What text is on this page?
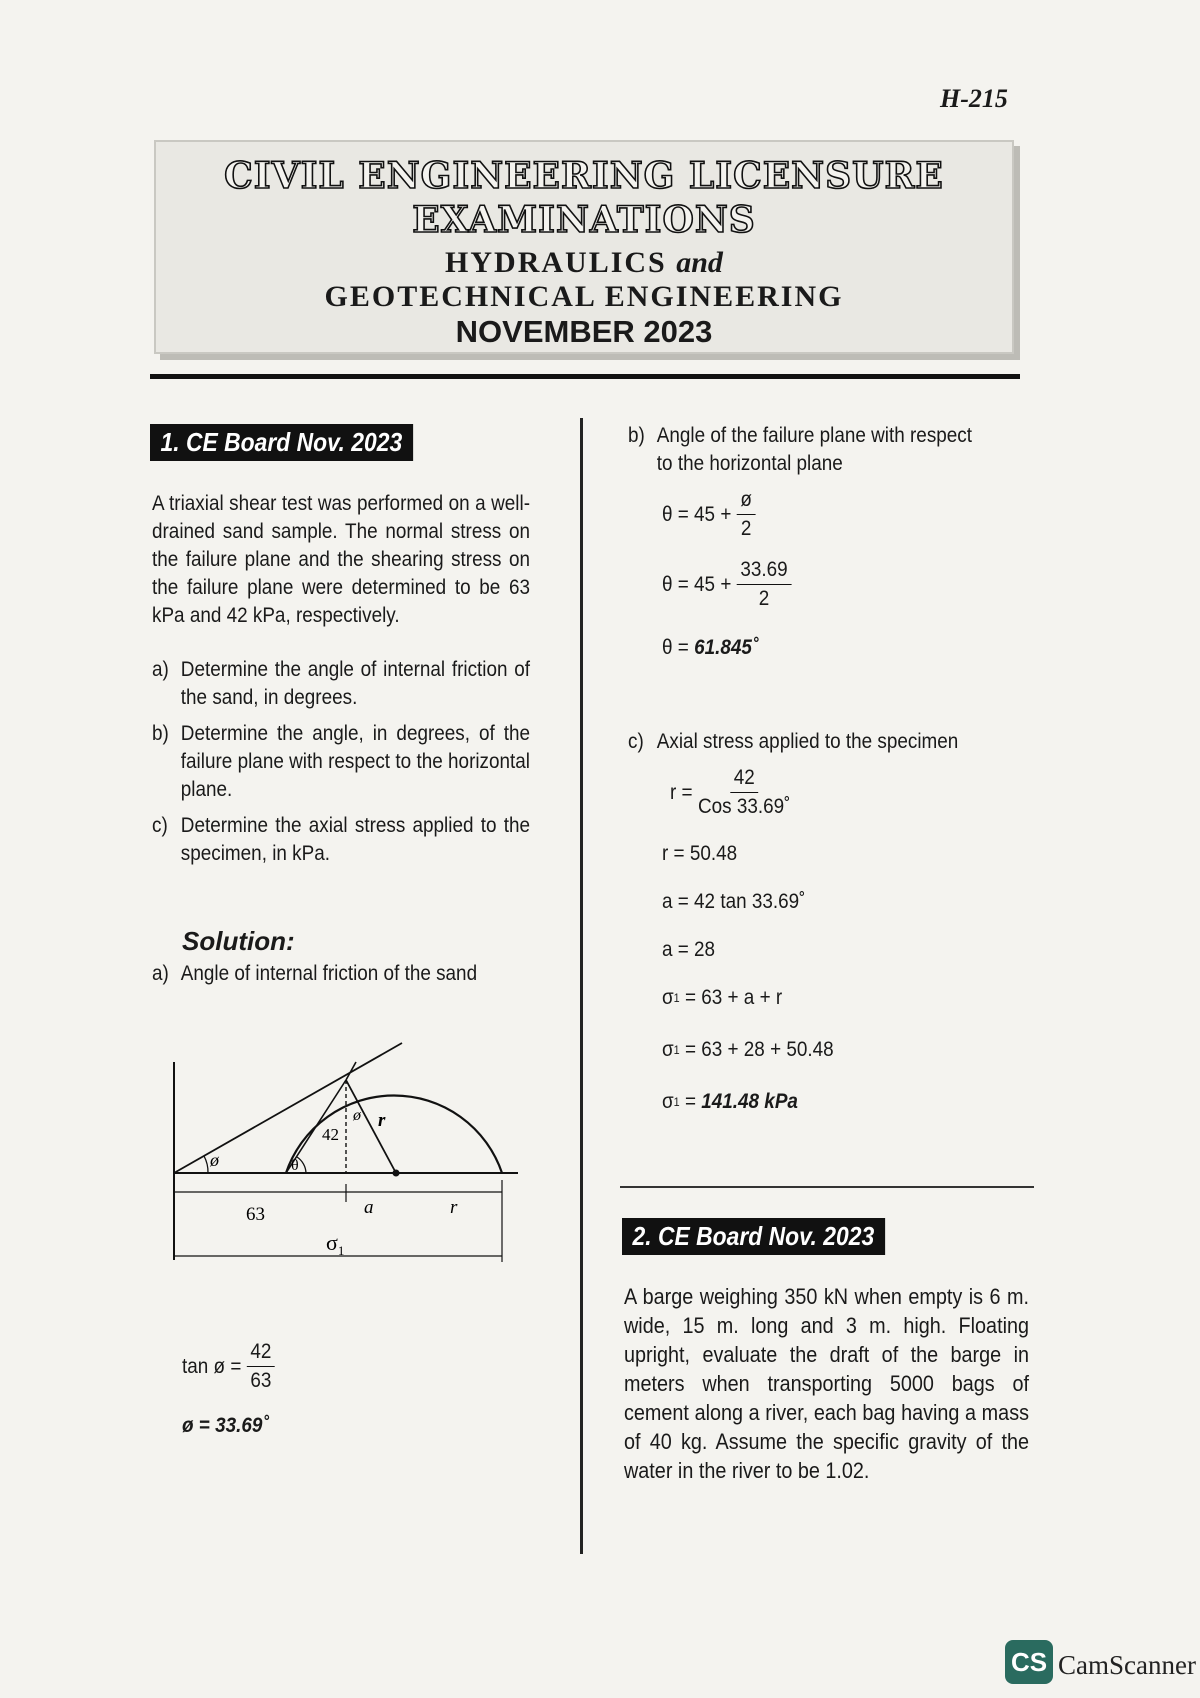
H-215
CIVIL ENGINEERING LICENSURE
EXAMINATIONS
HYDRAULICS and
GEOTECHNICAL ENGINEERING
NOVEMBER 2023
1. CE Board Nov. 2023
A triaxial shear test was performed on a well-drained sand sample. The normal stress on the failure plane and the shearing stress on the failure plane were determined to be 63 kPa and 42 kPa, respectively.
a) Determine the angle of internal friction of the sand, in degrees.
b) Determine the angle, in degrees, of the failure plane with respect to the horizontal plane.
c) Determine the axial stress applied to the specimen, in kPa.
Solution:
a) Angle of internal friction of the sand
ø
ø
θ
42
r
63	a	r
$\sigma_1$
tan ø = $\frac{42}{63}$
ø = 33.69˚
b) Angle of the failure plane with respect to the horizontal plane
$\theta = 45 + \frac{ø}{2}$
$\theta = 45 + \frac{33.69}{2}$
θ =
61.845˚
c) Axial stress applied to the specimen
$r = \frac{42}{\text{Cos 33.69˚}}$
r = 50.48
a = 42 tan 33.69˚
a = 28
σ 1
= 63 + a + r
σ 1
= 63 + 28 + 50.48
σ 1
=
141.48 kPa
2. CE Board Nov. 2023
A barge weighing 350 kN when empty is 6 m. wide, 15 m. long and 3 m. high. Floating upright, evaluate the draft of the barge in meters when transporting 5000 bags of cement along a river, each bag having a mass of 40 kg. Assume the specific gravity of the water in the river to be 1.02.
CS CamScanner
